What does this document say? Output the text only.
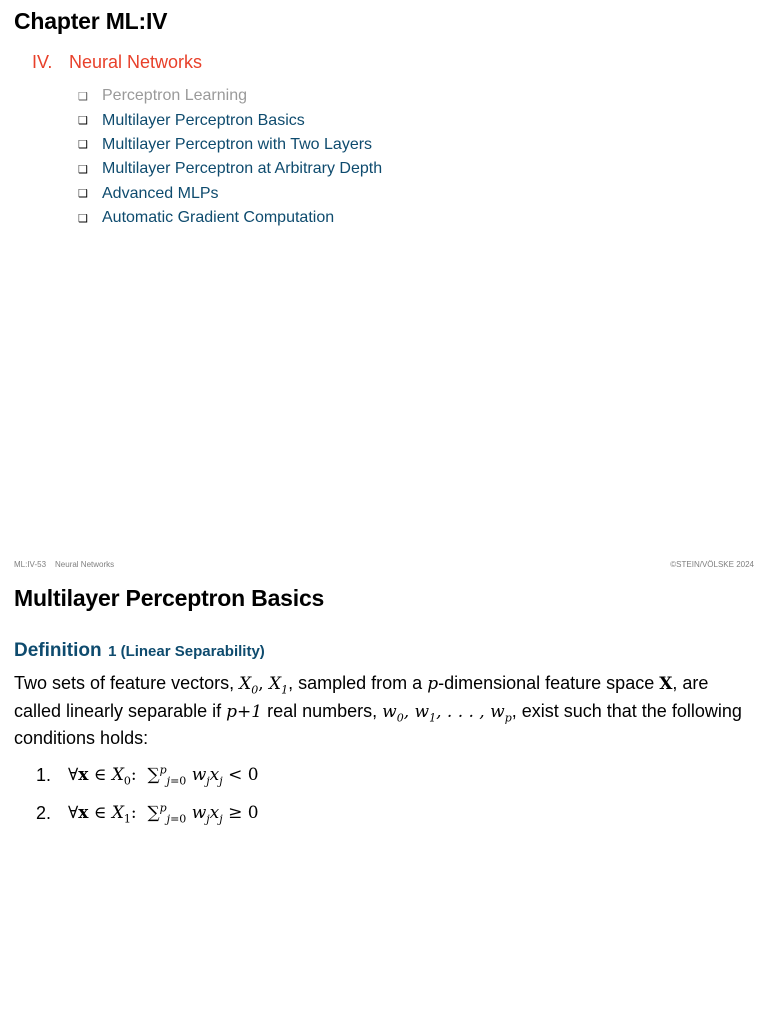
Chapter ML:IV
IV. Neural Networks
❑ Perceptron Learning
❑ Multilayer Perceptron Basics
❑ Multilayer Perceptron with Two Layers
❑ Multilayer Perceptron at Arbitrary Depth
❑ Advanced MLPs
❑ Automatic Gradient Computation
ML:IV-53 Neural Networks	©STEIN/VÖLSKE 2024
Multilayer Perceptron Basics
Definition 1 (Linear Separability)
Two sets of feature vectors, $X_0$, $X_1$, sampled from a p-dimensional feature space X, are called linearly separable if p+1 real numbers, $w_0$, $w_1$, . . . , $w_p$, exist such that the following conditions holds:
1. ∀x ∈ $X_0$:  ∑$^p_{j=0}$ $w_jx_j < 0$
2. ∀x ∈ $X_1$:  ∑$^p_{j=0}$ $w_jx_j \ge 0$
